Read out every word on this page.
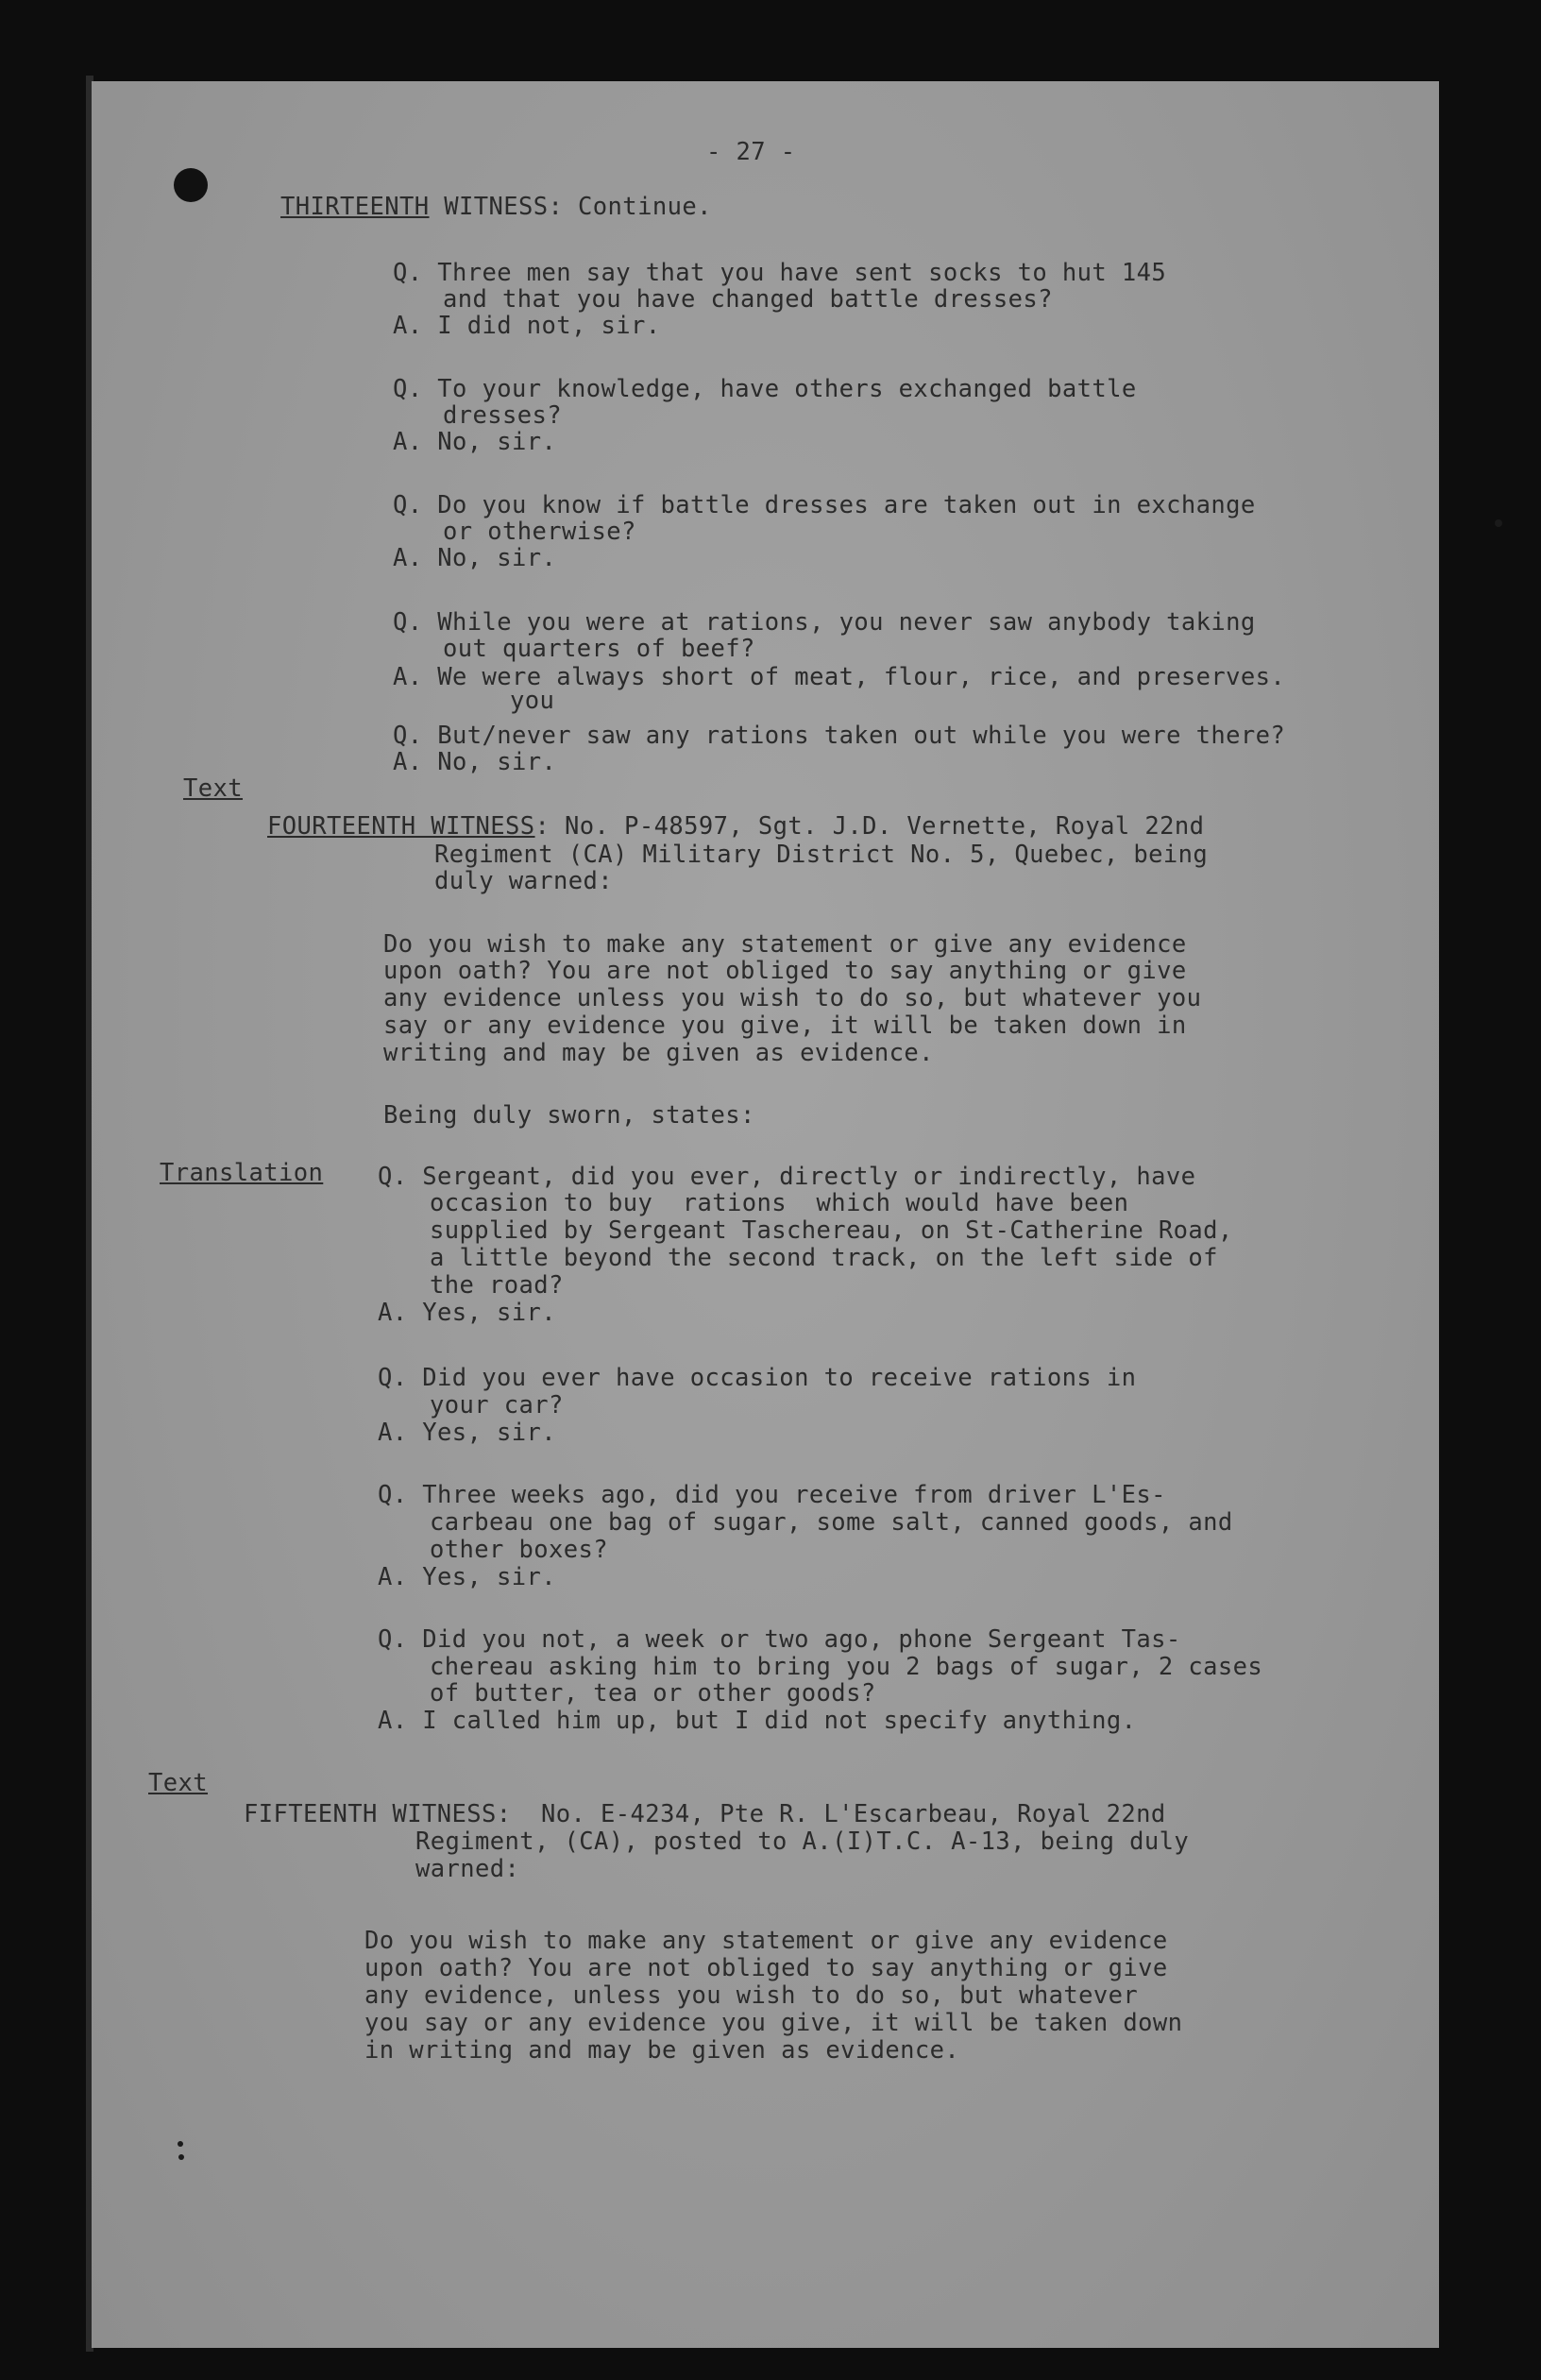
- 27 -
THIRTEENTH WITNESS: Continue.
Q. Three men say that you have sent socks to hut 145
and that you have changed battle dresses?
A. I did not, sir.
Q. To your knowledge, have others exchanged battle
dresses?
A. No, sir.
Q. Do you know if battle dresses are taken out in exchange
or otherwise?
A. No, sir.
Q. While you were at rations, you never saw anybody taking
out quarters of beef?
A. We were always short of meat, flour, rice, and preserves.
you
Q. But/never saw any rations taken out while you were there?
A. No, sir.
Text
FOURTEENTH WITNESS: No. P-48597, Sgt. J.D. Vernette, Royal 22nd
Regiment (CA) Military District No. 5, Quebec, being
duly warned:
Do you wish to make any statement or give any evidence
upon oath? You are not obliged to say anything or give
any evidence unless you wish to do so, but whatever you
say or any evidence you give, it will be taken down in
writing and may be given as evidence.
Being duly sworn, states:
Translation Q. Sergeant, did you ever, directly or indirectly, have
occasion to buy  rations  which would have been
supplied by Sergeant Taschereau, on St-Catherine Road,
a little beyond the second track, on the left side of
the road?
A. Yes, sir.
Q. Did you ever have occasion to receive rations in
your car?
A. Yes, sir.
Q. Three weeks ago, did you receive from driver L'Es-
carbeau one bag of sugar, some salt, canned goods, and
other boxes?
A. Yes, sir.
Q. Did you not, a week or two ago, phone Sergeant Tas-
chereau asking him to bring you 2 bags of sugar, 2 cases
of butter, tea or other goods?
A. I called him up, but I did not specify anything.
Text
FIFTEENTH WITNESS:  No. E-4234, Pte R. L'Escarbeau, Royal 22nd
Regiment, (CA), posted to A.(I)T.C. A-13, being duly
warned:
Do you wish to make any statement or give any evidence
upon oath? You are not obliged to say anything or give
any evidence, unless you wish to do so, but whatever
you say or any evidence you give, it will be taken down
in writing and may be given as evidence.
